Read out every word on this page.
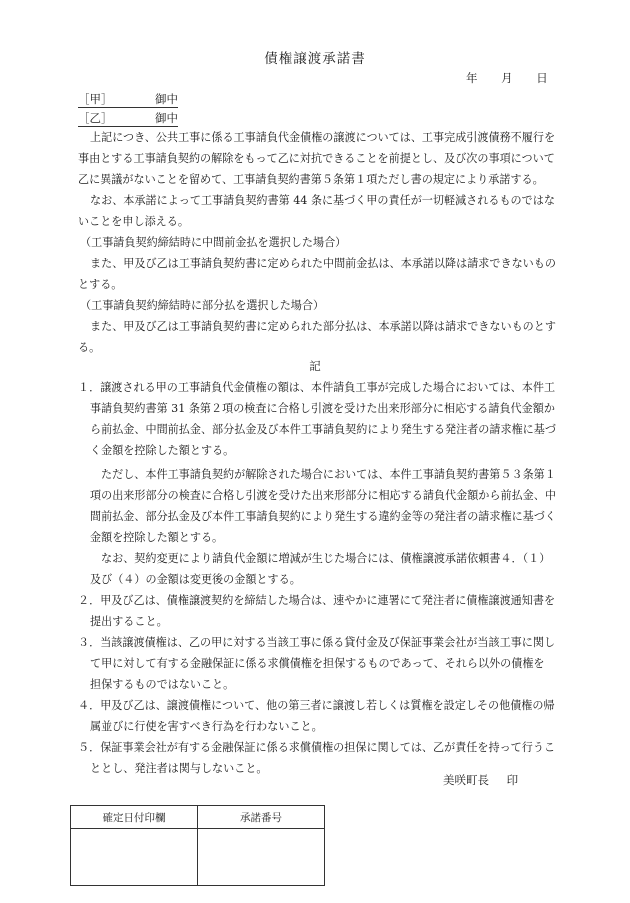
債権譲渡承諾書
年 月 日
［甲］	御中
［乙］	御中
上記につき、公共工事に係る工事請負代金債権の譲渡については、工事完成引渡債務不履行を
事由とする工事請負契約の解除をもって乙に対抗できることを前提とし、及び次の事項について
乙に異議がないことを留めて、工事請負契約書第５条第１項ただし書の規定により承諾する。
なお、本承諾によって工事請負契約書第 44 条に基づく甲の責任が一切軽減されるものではな
いことを申し添える。
（工事請負契約締結時に中間前金払を選択した場合）
また、甲及び乙は工事請負契約書に定められた中間前金払は、本承諾以降は請求できないもの
とする。
（工事請負契約締結時に部分払を選択した場合）
また、甲及び乙は工事請負契約書に定められた部分払は、本承諾以降は請求できないものとす
る。
記
１．譲渡される甲の工事請負代金債権の額は、本件請負工事が完成した場合においては、本件工
事請負契約書第 31 条第２項の検査に合格し引渡を受けた出来形部分に相応する請負代金額か
ら前払金、中間前払金、部分払金及び本件工事請負契約により発生する発注者の請求権に基づ
く金額を控除した額とする。
ただし、本件工事請負契約が解除された場合においては、本件工事請負契約書第５３条第１
項の出来形部分の検査に合格し引渡を受けた出来形部分に相応する請負代金額から前払金、中
間前払金、部分払金及び本件工事請負契約により発生する違約金等の発注者の請求権に基づく
金額を控除した額とする。
なお、契約変更により請負代金額に増減が生じた場合には、債権譲渡承諾依頼書４．（１）
及び（４）の金額は変更後の金額とする。
２．甲及び乙は、債権譲渡契約を締結した場合は、速やかに連署にて発注者に債権譲渡通知書を
提出すること。
３．当該譲渡債権は、乙の甲に対する当該工事に係る貸付金及び保証事業会社が当該工事に関し
て甲に対して有する金融保証に係る求償債権を担保するものであって、それら以外の債権を
担保するものではないこと。
４．甲及び乙は、譲渡債権について、他の第三者に譲渡し若しくは質権を設定しその他債権の帰
属並びに行使を害すべき行為を行わないこと。
５．保証事業会社が有する金融保証に係る求償債権の担保に関しては、乙が責任を持って行うこ
ととし、発注者は関与しないこと。
美咲町長 印
確定日付印欄	承諾番号
